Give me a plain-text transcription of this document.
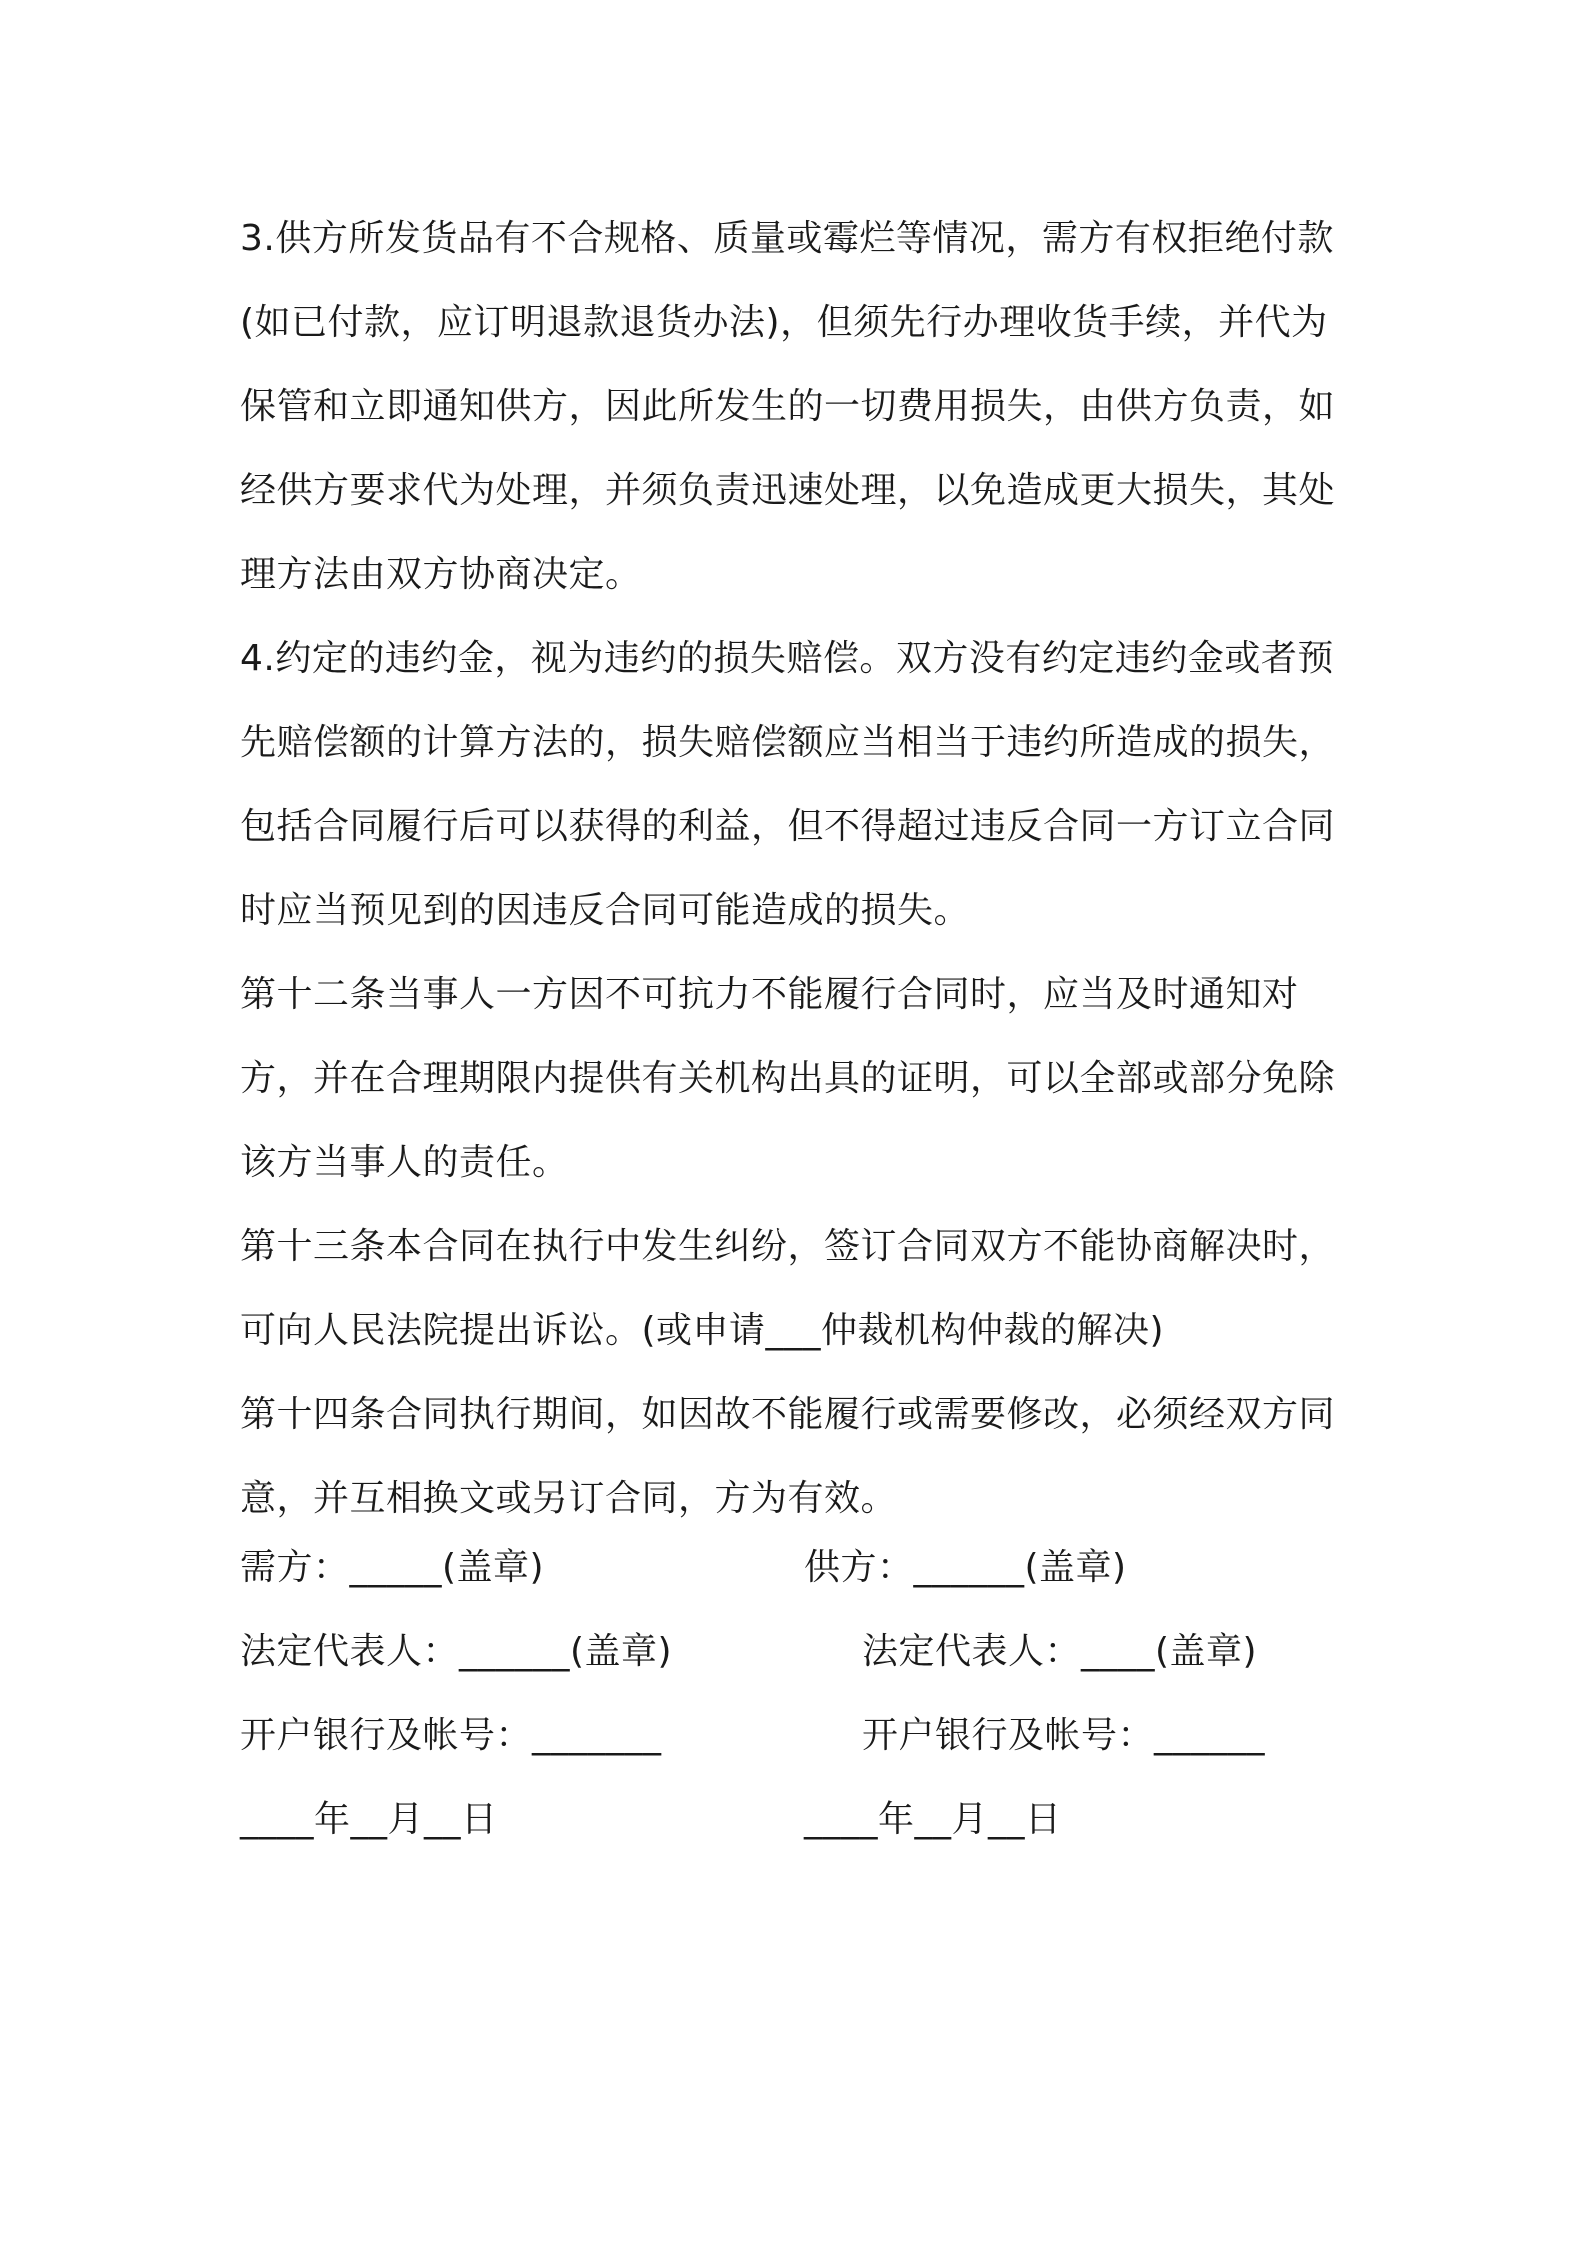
3.供方所发货品有不合规格、质量或霉烂等情况，需方有权拒绝付款(如已付款，应订明退款退货办法)，但须先行办理收货手续，并代为保管和立即通知供方，因此所发生的一切费用损失，由供方负责，如经供方要求代为处理，并须负责迅速处理，以免造成更大损失，其处理方法由双方协商决定。

4.约定的违约金，视为违约的损失赔偿。双方没有约定违约金或者预先赔偿额的计算方法的，损失赔偿额应当相当于违约所造成的损失，包括合同履行后可以获得的利益，但不得超过违反合同一方订立合同时应当预见到的因违反合同可能造成的损失。

第十二条当事人一方因不可抗力不能履行合同时，应当及时通知对方，并在合理期限内提供有关机构出具的证明，可以全部或部分免除该方当事人的责任。

第十三条本合同在执行中发生纠纷，签订合同双方不能协商解决时，可向人民法院提出诉讼。(或申请___仲裁机构仲裁的解决)

第十四条合同执行期间，如因故不能履行或需要修改，必须经双方同意，并互相换文或另订合同，方为有效。

需方：_____(盖章)	供方：______(盖章)
法定代表人：______(盖章)	法定代表人：____(盖章)
开户银行及帐号：_______	开户银行及帐号：______
____年__月__日	____年__月__日
